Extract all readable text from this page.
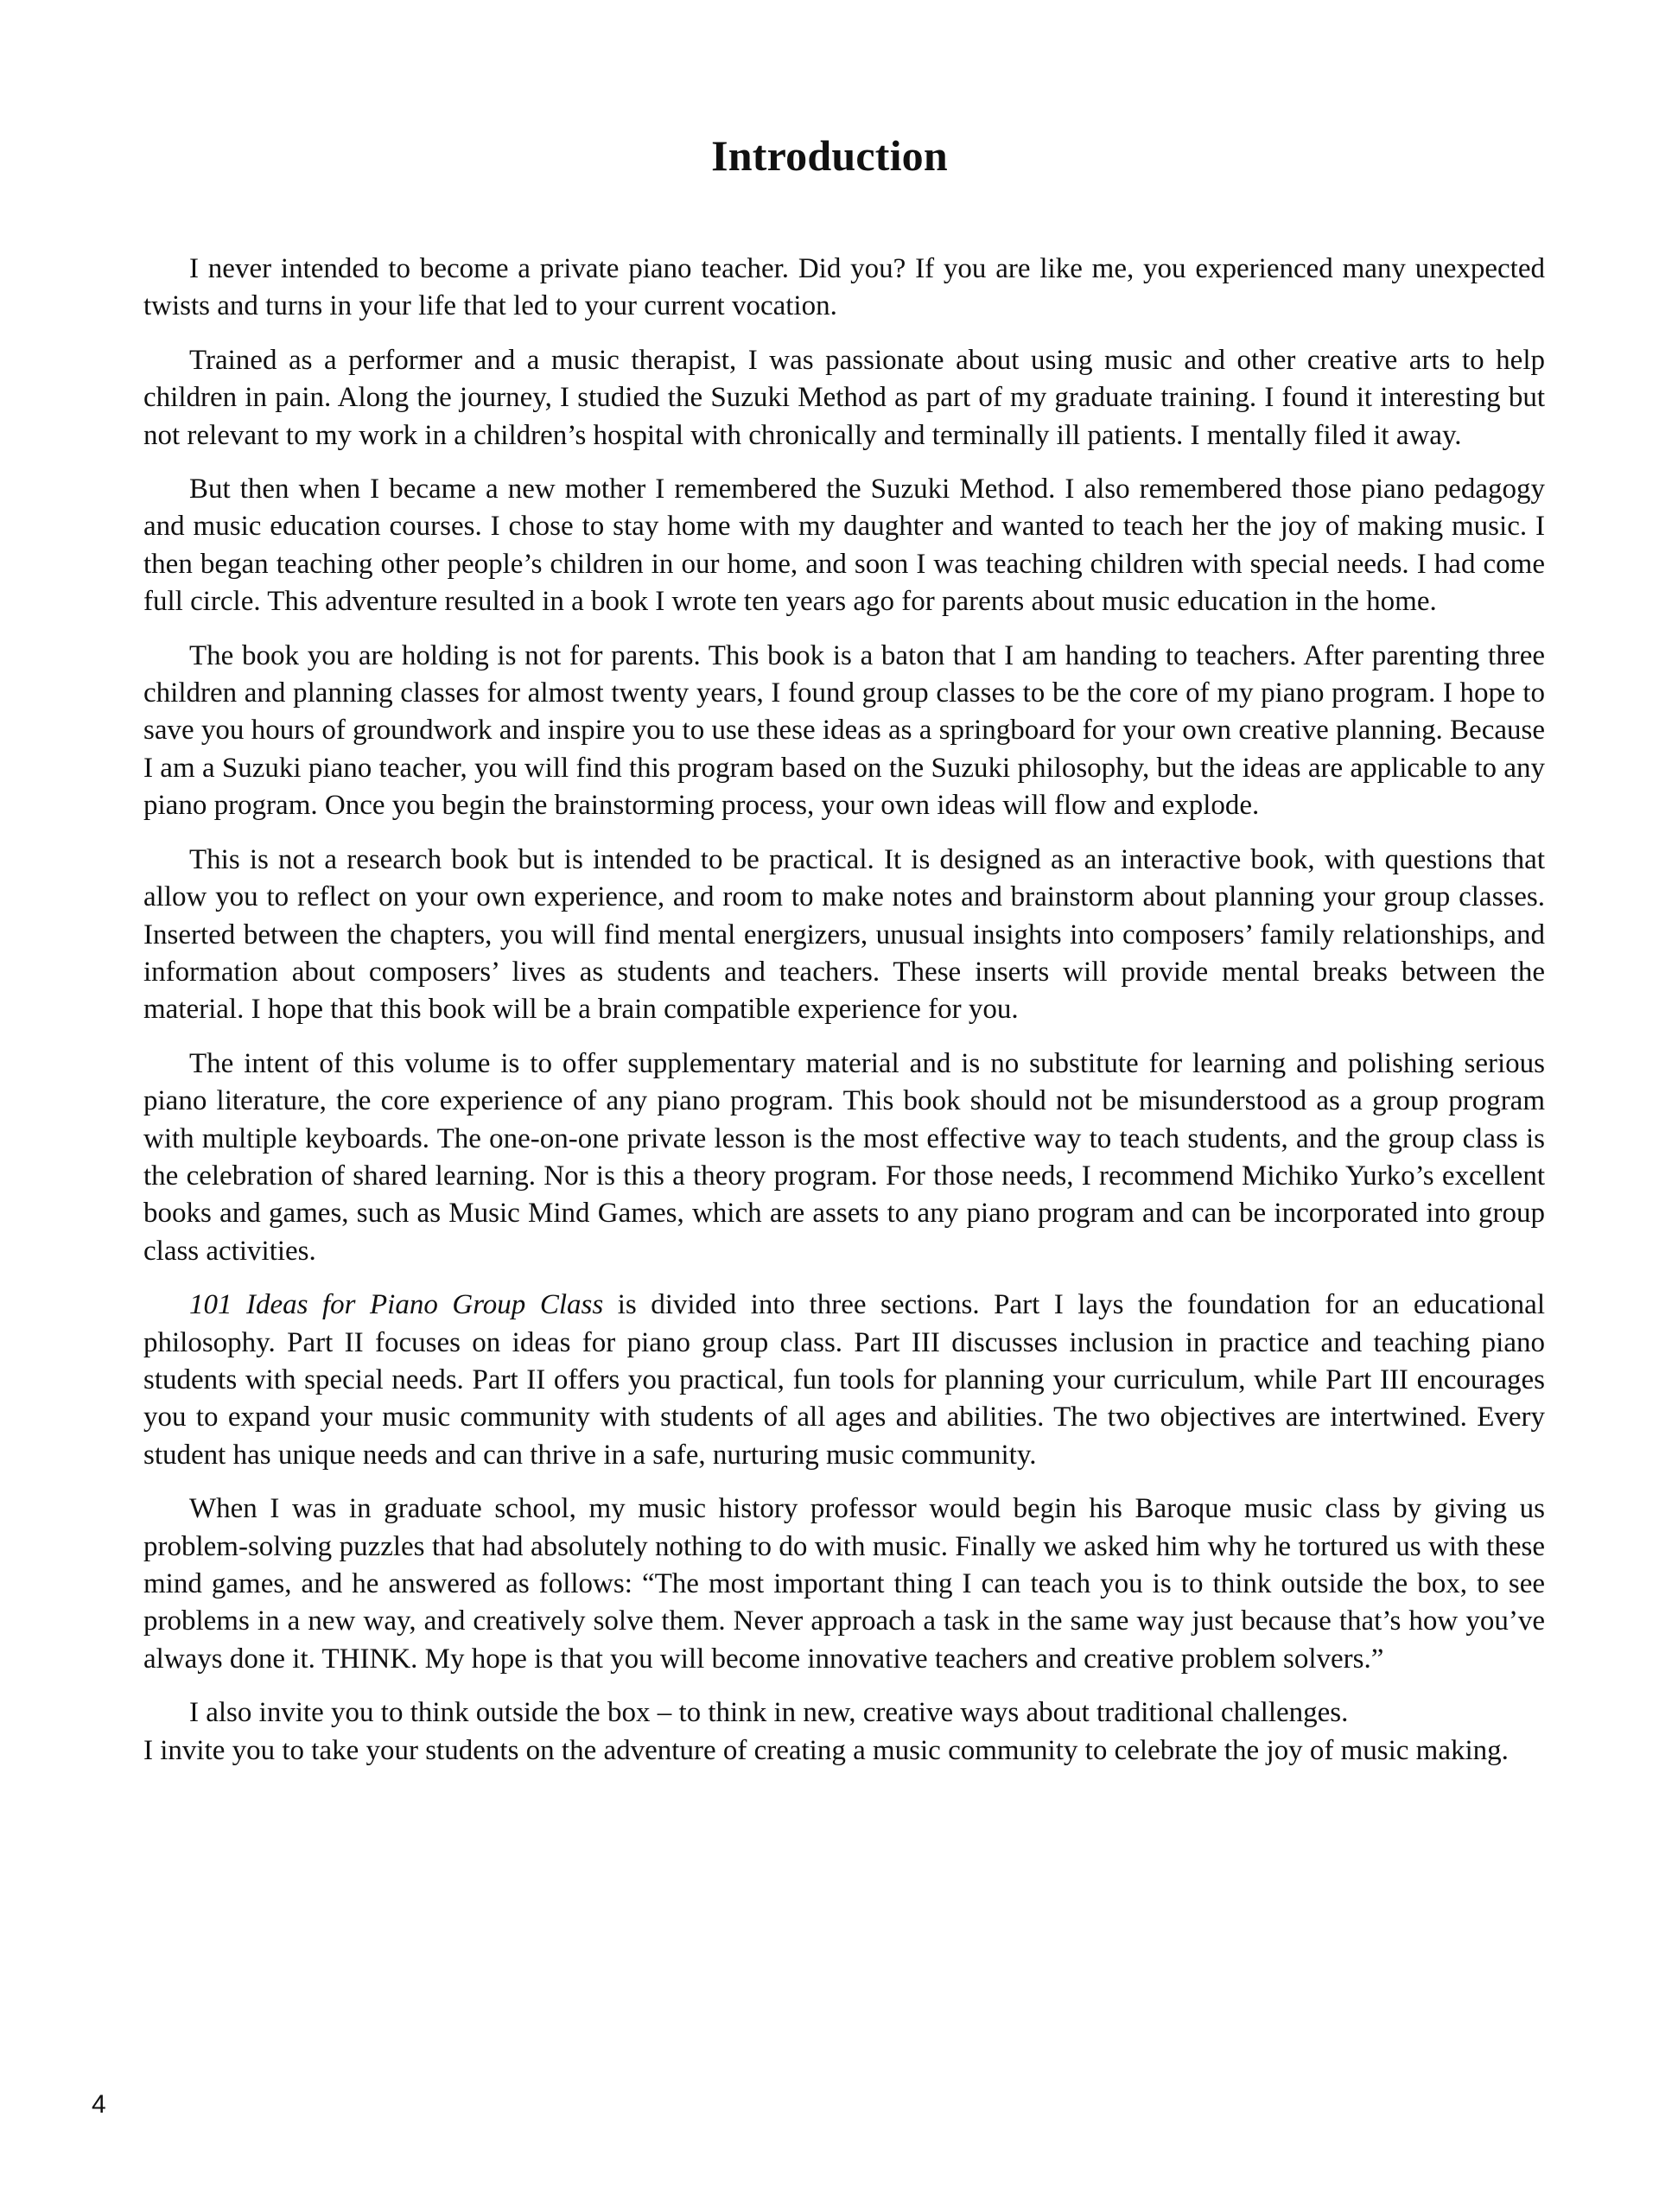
Introduction

I never intended to become a private piano teacher. Did you? If you are like me, you experienced many unexpected twists and turns in your life that led to your current vocation.

Trained as a performer and a music therapist, I was passionate about using music and other creative arts to help children in pain. Along the journey, I studied the Suzuki Method as part of my graduate training. I found it interesting but not relevant to my work in a children’s hospital with chronically and terminally ill patients. I mentally filed it away.

But then when I became a new mother I remembered the Suzuki Method. I also remembered those piano pedagogy and music education courses. I chose to stay home with my daughter and wanted to teach her the joy of making music. I then began teaching other people’s children in our home, and soon I was teaching children with special needs. I had come full circle. This adventure resulted in a book I wrote ten years ago for parents about music education in the home.

The book you are holding is not for parents. This book is a baton that I am handing to teachers. After parenting three children and planning classes for almost twenty years, I found group classes to be the core of my piano program. I hope to save you hours of groundwork and inspire you to use these ideas as a springboard for your own creative planning. Because I am a Suzuki piano teacher, you will find this program based on the Suzuki philosophy, but the ideas are applicable to any piano program. Once you begin the brainstorming process, your own ideas will flow and explode.

This is not a research book but is intended to be practical. It is designed as an interactive book, with questions that allow you to reflect on your own experience, and room to make notes and brainstorm about planning your group classes. Inserted between the chapters, you will find mental energizers, unusual insights into composers’ family relationships, and information about composers’ lives as students and teachers. These inserts will provide mental breaks between the material. I hope that this book will be a brain compatible experience for you.

The intent of this volume is to offer supplementary material and is no substitute for learning and polishing serious piano literature, the core experience of any piano program. This book should not be misunderstood as a group program with multiple keyboards. The one-on-one private lesson is the most effective way to teach students, and the group class is the celebration of shared learning. Nor is this a theory program. For those needs, I recommend Michiko Yurko’s excellent books and games, such as Music Mind Games, which are assets to any piano program and can be incorporated into group class activities.

101 Ideas for Piano Group Class is divided into three sections. Part I lays the foundation for an educational philosophy. Part II focuses on ideas for piano group class. Part III discusses inclusion in practice and teaching piano students with special needs. Part II offers you practical, fun tools for planning your curriculum, while Part III encourages you to expand your music community with students of all ages and abilities. The two objectives are intertwined. Every student has unique needs and can thrive in a safe, nurturing music community.

When I was in graduate school, my music history professor would begin his Baroque music class by giving us problem-solving puzzles that had absolutely nothing to do with music. Finally we asked him why he tortured us with these mind games, and he answered as follows: “The most important thing I can teach you is to think outside the box, to see problems in a new way, and creatively solve them. Never approach a task in the same way just because that’s how you’ve always done it. THINK. My hope is that you will become innovative teachers and creative problem solvers.”

I also invite you to think outside the box – to think in new, creative ways about traditional challenges.
I invite you to take your students on the adventure of creating a music community to celebrate the joy of music making.

4
